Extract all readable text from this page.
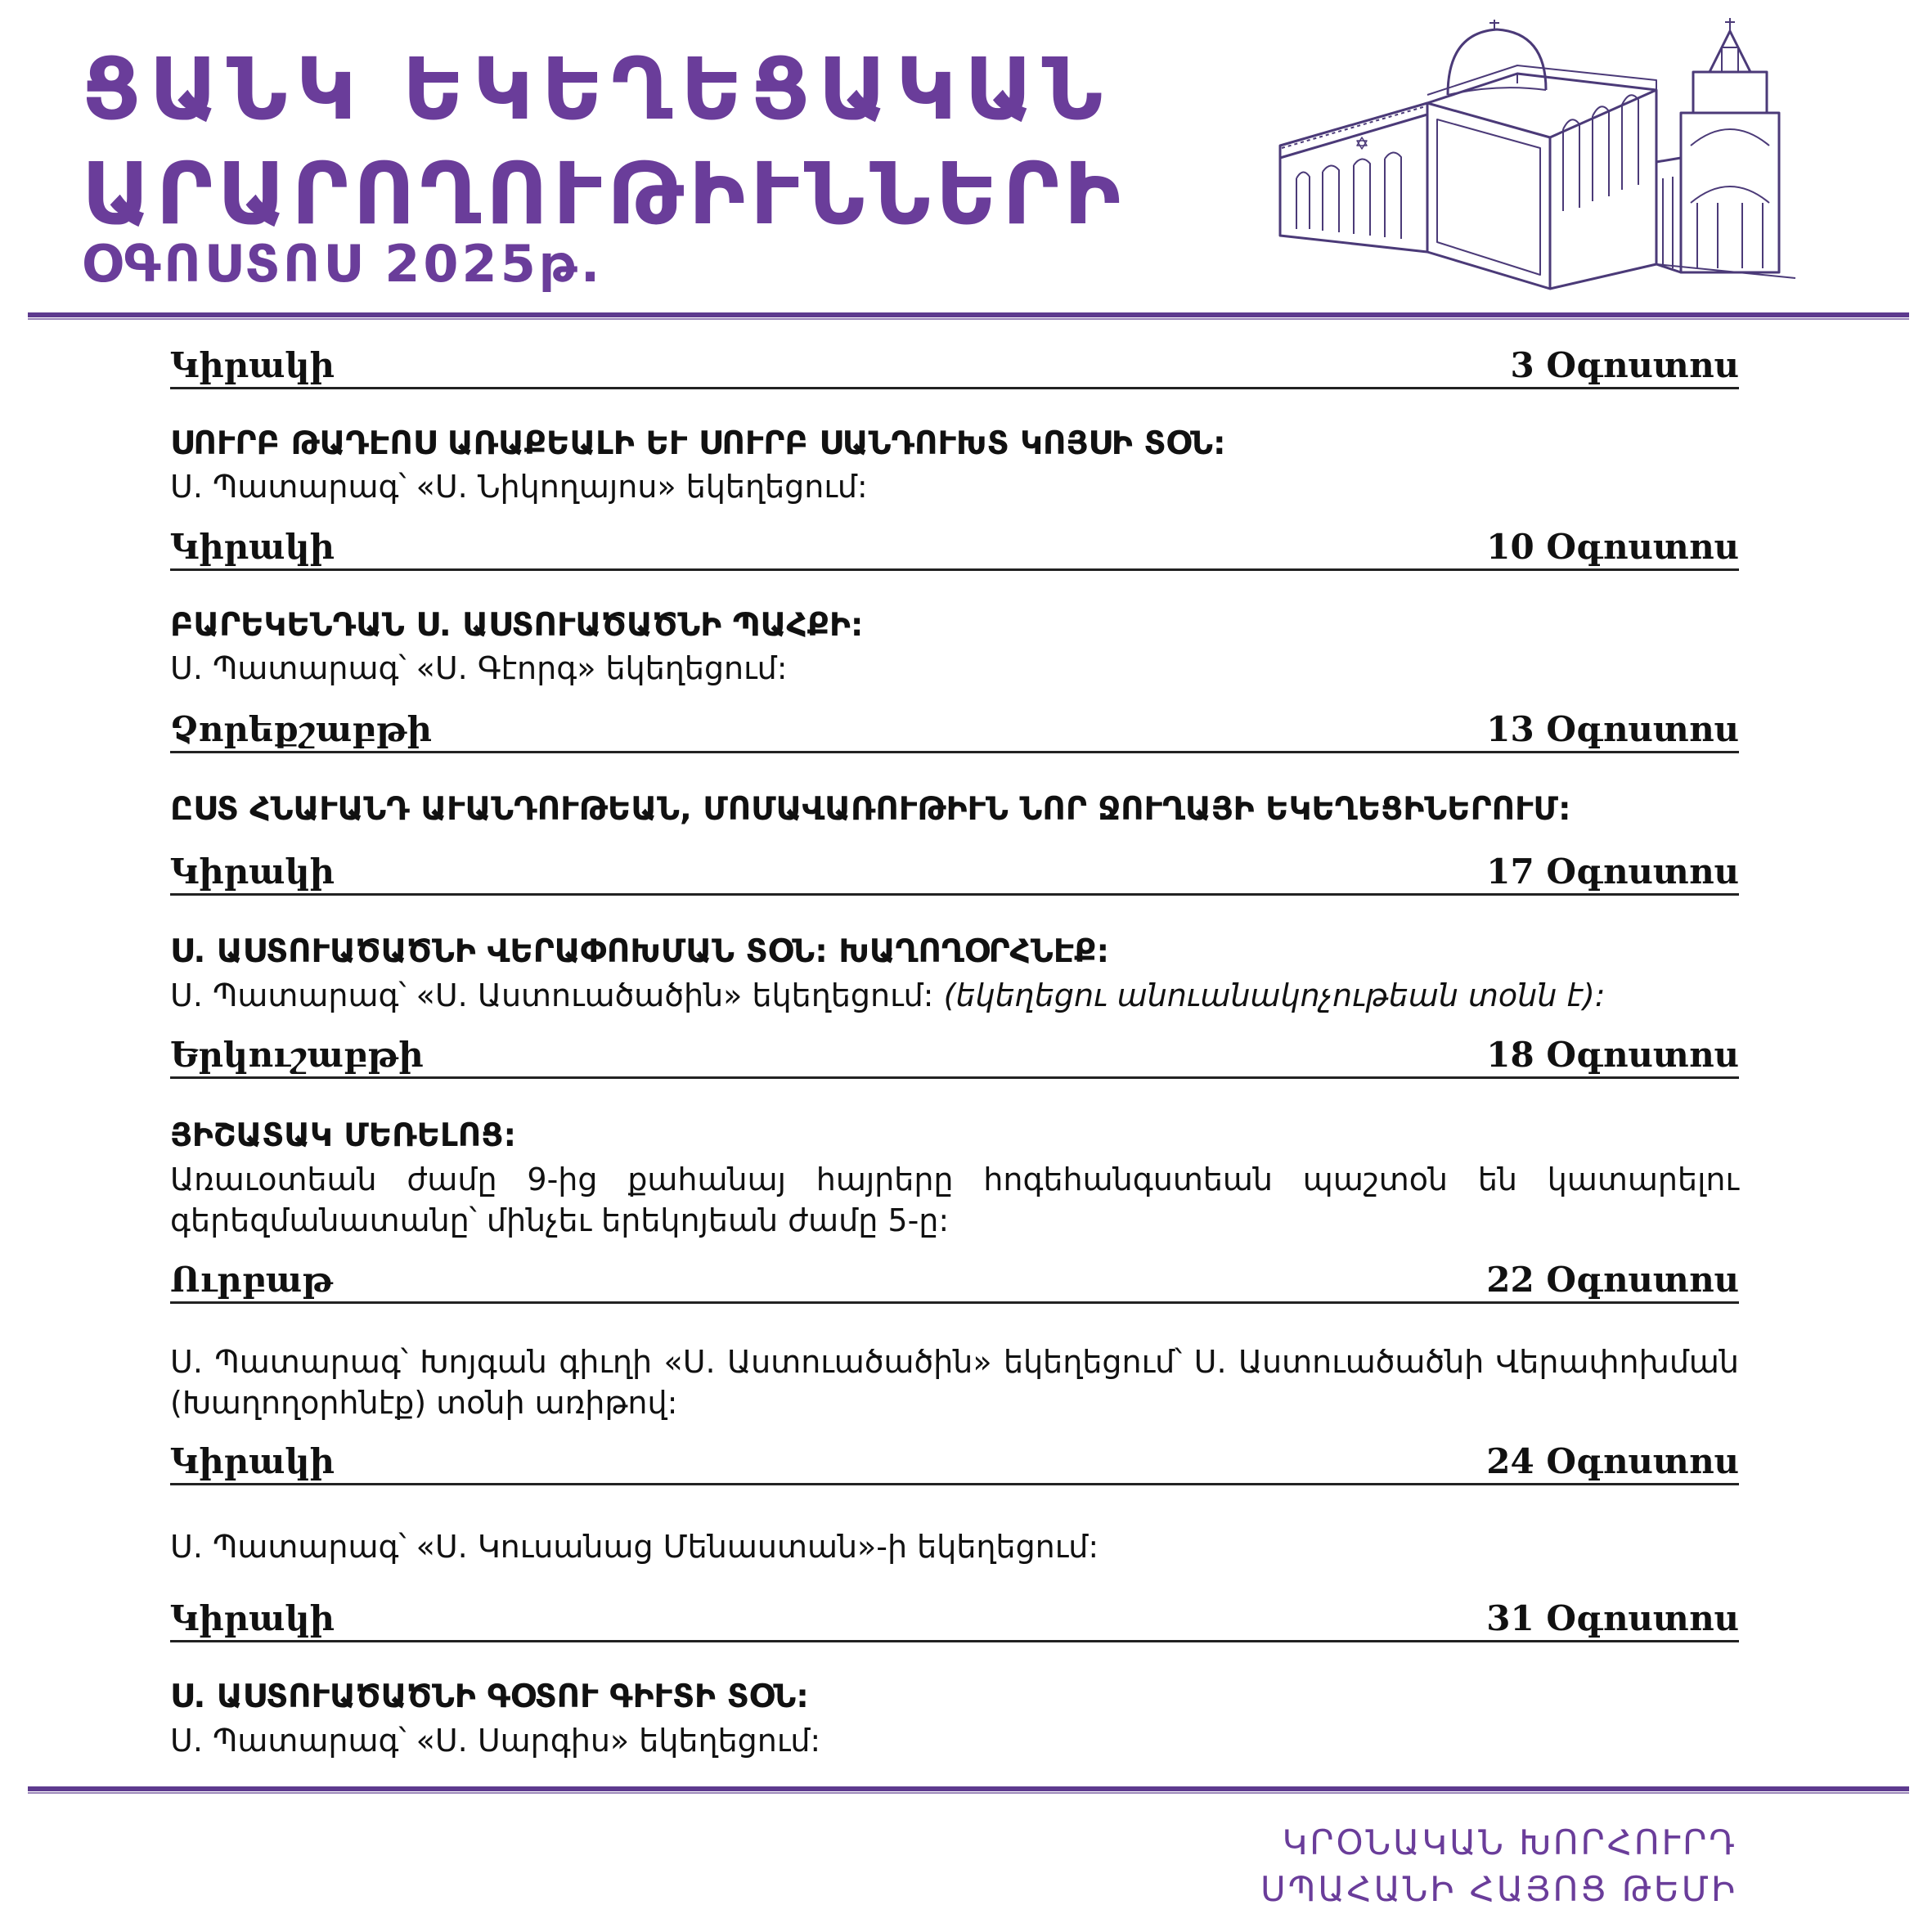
ՑԱՆԿ ԵԿԵՂԵՑԱԿԱՆ
ԱՐԱՐՈՂՈՒԹԻՒՆՆԵՐԻ
ՕԳՈՍՏՈՍ 2025թ.
Կիրակի	3 Օգոստոս
ՍՈՒՐԲ ԹԱԴԷՈՍ ԱՌԱՔԵԱԼԻ ԵՒ ՍՈՒՐԲ ՍԱՆԴՈՒԽՏ ԿՈՅՍԻ ՏՕՆ:
Ս. Պատարագ՝ «Ս. Նիկողայոս» եկեղեցում:
Կիրակի	10 Օգոստոս
ԲԱՐԵԿԵՆԴԱՆ Ս. ԱՍՏՈՒԱԾԱԾՆԻ ՊԱՀՔԻ:
Ս. Պատարագ՝ «Ս. Գէորգ» եկեղեցում:
Չորեքշաբթի	13 Օգոստոս
ԸՍՏ ՀՆԱՒԱՆԴ ԱՒԱՆԴՈՒԹԵԱՆ, ՄՈՄԱՎԱՌՈՒԹԻՒՆ ՆՈՐ ՋՈՒՂԱՅԻ ԵԿԵՂԵՑԻՆԵՐՈՒՄ:
Կիրակի	17 Օգոստոս
Ս. ԱՍՏՈՒԱԾԱԾՆԻ ՎԵՐԱՓՈԽՄԱՆ ՏՕՆ: ԽԱՂՈՂՕՐՀՆԷՔ:
Ս. Պատարագ՝ «Ս. Աստուածածին» եկեղեցում: (եկեղեցու անուանակոչութեան տօնն է):
Երկուշաբթի	18 Օգոստոս
ՅԻՇԱՏԱԿ ՄԵՌԵԼՈՑ:
Առաւօտեան ժամը 9-ից քահանայ հայրերը հոգեհանգստեան պաշտօն են կատարելու գերեզմանատանը՝ մինչեւ երեկոյեան ժամը 5-ը:
Ուրբաթ	22 Օգոստոս
Ս. Պատարագ՝ Խոյգան գիւղի «Ս. Աստուածածին» եկեղեցում՝ Ս. Աստուածածնի Վերափոխման (Խաղողօրհնէք) տօնի առիթով:
Կիրակի	24 Օգոստոս
Ս. Պատարագ՝ «Ս. Կուսանաց Մենաստան»-ի եկեղեցում:
Կիրակի	31 Օգոստոս
Ս. ԱՍՏՈՒԱԾԱԾՆԻ ԳՕՏՈՒ ԳԻՒՏԻ ՏՕՆ:
Ս. Պատարագ՝ «Ս. Սարգիս» եկեղեցում:
ԿՐՕՆԱԿԱՆ ԽՈՐՀՈՒՐԴ
ՍՊԱՀԱՆԻ ՀԱՅՈՑ ԹԵՄԻ
